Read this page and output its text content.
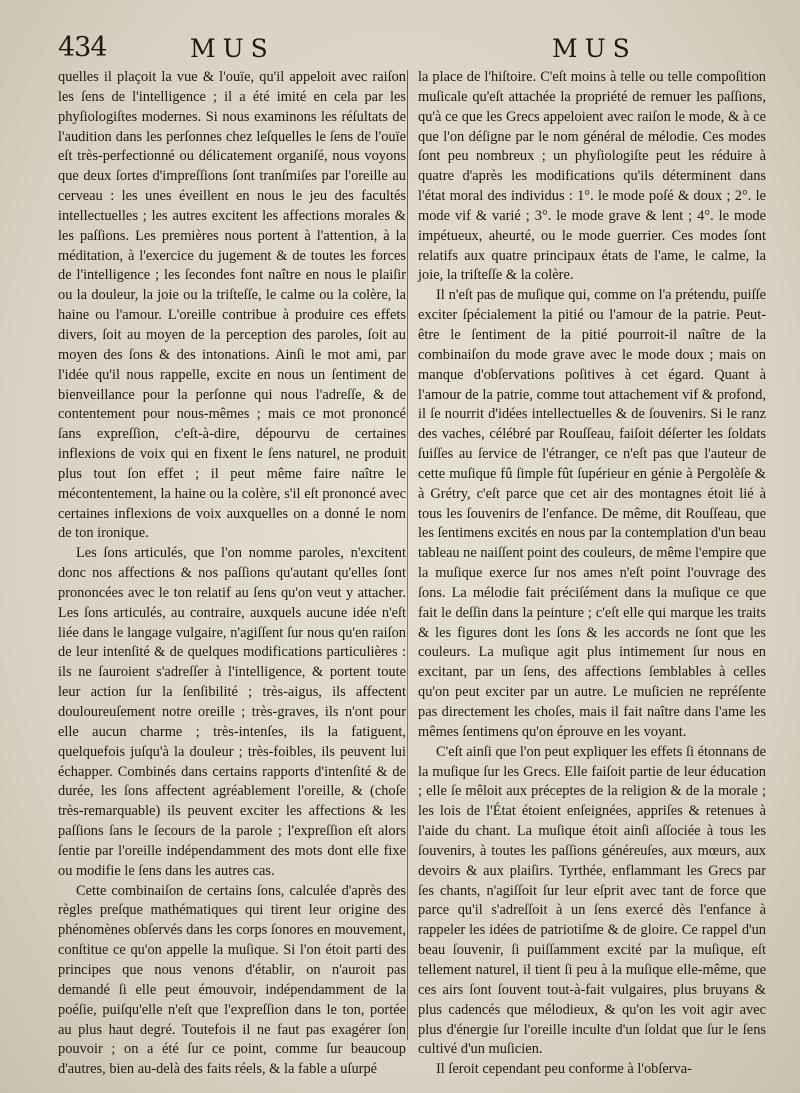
434	MUS	MUS

quelles il plaçoit la vue & l'ouïe, qu'il appeloit avec raiſon les ſens de l'intelligence ; il a été imité en cela par les phyſiologiſtes modernes. Si nous examinons les réſultats de l'audition dans les perſonnes chez leſquelles le ſens de l'ouïe eſt très-perfectionné ou délicatement organiſé, nous voyons que deux ſortes d'impreſſions ſont tranſmiſes par l'oreille au cerveau : les unes éveillent en nous le jeu des facultés intellectuelles ; les autres excitent les affections morales & les paſſions. Les premières nous portent à l'attention, à la méditation, à l'exercice du jugement & de toutes les forces de l'intelligence ; les ſecondes font naître en nous le plaiſir ou la douleur, la joie ou la triſteſſe, le calme ou la colère, la haine ou l'amour. L'oreille contribue à produire ces effets divers, ſoit au moyen de la perception des paroles, ſoit au moyen des ſons & des intonations. Ainſi le mot ami, par l'idée qu'il nous rappelle, excite en nous un ſentiment de bienveillance pour la perſonne qui nous l'adreſſe, & de contentement pour nous-mêmes ; mais ce mot prononcé ſans expreſſion, c'eſt-à-dire, dépourvu de certaines inflexions de voix qui en fixent le ſens naturel, ne produit plus tout ſon effet ; il peut même faire naître le mécontentement, la haine ou la colère, s'il eſt prononcé avec certaines inflexions de voix auxquelles on a donné le nom de ton ironique.

Les ſons articulés, que l'on nomme paroles, n'excitent donc nos affections & nos paſſions qu'autant qu'elles ſont prononcées avec le ton relatif au ſens qu'on veut y attacher. Les ſons articulés, au contraire, auxquels aucune idée n'eſt liée dans le langage vulgaire, n'agiſſent ſur nous qu'en raiſon de leur intenſité & de quelques modifications particulières : ils ne ſauroient s'adreſſer à l'intelligence, & portent toute leur action ſur la ſenſibilité ; très-aigus, ils affectent douloureuſement notre oreille ; très-graves, ils n'ont pour elle aucun charme ; très-intenſes, ils la fatiguent, quelquefois juſqu'à la douleur ; très-foibles, ils peuvent lui échapper. Combinés dans certains rapports d'intenſité & de durée, les ſons affectent agréablement l'oreille, & (choſe très-remarquable) ils peuvent exciter les affections & les paſſions ſans le ſecours de la parole ; l'expreſſion eſt alors ſentie par l'oreille indépendamment des mots dont elle fixe ou modifie le ſens dans les autres cas.

Cette combinaiſon de certains ſons, calculée d'après des règles preſque mathématiques qui tirent leur origine des phénomènes obſervés dans les corps ſonores en mouvement, conſtitue ce qu'on appelle la muſique. Si l'on étoit parti des principes que nous venons d'établir, on n'auroit pas demandé ſi elle peut émouvoir, indépendamment de la poéſie, puiſqu'elle n'eſt que l'expreſſion dans le ton, portée au plus haut degré. Toutefois il ne faut pas exagérer ſon pouvoir ; on a été ſur ce point, comme ſur beaucoup d'autres, bien au-delà des faits réels, & la fable a uſurpé

la place de l'hiſtoire. C'eſt moins à telle ou telle compoſition muſicale qu'eſt attachée la propriété de remuer les paſſions, qu'à ce que les Grecs appeloient avec raiſon le mode, & à ce que l'on déſigne par le nom général de mélodie. Ces modes ſont peu nombreux ; un phyſiologiſte peut les réduire à quatre d'après les modifications qu'ils déterminent dans l'état moral des individus : 1°. le mode poſé & doux ; 2°. le mode vif & varié ; 3°. le mode grave & lent ; 4°. le mode impétueux, aheurté, ou le mode guerrier. Ces modes ſont relatifs aux quatre principaux états de l'ame, le calme, la joie, la triſteſſe & la colère.

Il n'eſt pas de muſique qui, comme on l'a prétendu, puiſſe exciter ſpécialement la pitié ou l'amour de la patrie. Peut-être le ſentiment de la pitié pourroit-il naître de la combinaiſon du mode grave avec le mode doux ; mais on manque d'obſervations poſitives à cet égard. Quant à l'amour de la patrie, comme tout attachement vif & profond, il ſe nourrit d'idées intellectuelles & de ſouvenirs. Si le ranz des vaches, célébré par Rouſſeau, faiſoit déſerter les ſoldats ſuiſſes au ſervice de l'étranger, ce n'eſt pas que l'auteur de cette muſique fû ſimple fût ſupérieur en génie à Pergolèſe & à Grétry, c'eſt parce que cet air des montagnes étoit lié à tous les ſouvenirs de l'enfance. De même, dit Rouſſeau, que les ſentimens excités en nous par la contemplation d'un beau tableau ne naiſſent point des couleurs, de même l'empire que la muſique exerce ſur nos ames n'eſt point l'ouvrage des ſons. La mélodie fait préciſément dans la muſique ce que fait le deſſin dans la peinture ; c'eſt elle qui marque les traits & les figures dont les ſons & les accords ne ſont que les couleurs. La muſique agit plus intimement ſur nous en excitant, par un ſens, des affections ſemblables à celles qu'on peut exciter par un autre. Le muſicien ne repréſente pas directement les choſes, mais il fait naître dans l'ame les mêmes ſentimens qu'on éprouve en les voyant.

C'eſt ainſi que l'on peut expliquer les effets ſi étonnans de la muſique ſur les Grecs. Elle faiſoit partie de leur éducation ; elle ſe mêloit aux préceptes de la religion & de la morale ; les lois de l'État étoient enſeignées, appriſes & retenues à l'aide du chant. La muſique étoit ainſi aſſociée à tous les ſouvenirs, à toutes les paſſions généreuſes, aux mœurs, aux devoirs & aux plaiſirs. Tyrthée, enflammant les Grecs par ſes chants, n'agiſſoit ſur leur eſprit avec tant de force que parce qu'il s'adreſſoit à un ſens exercé dès l'enfance à rappeler les idées de patriotiſme & de gloire. Ce rappel d'un beau ſouvenir, ſi puiſſamment excité par la muſique, eſt tellement naturel, il tient ſi peu à la muſique elle-même, que ces airs ſont ſouvent tout-à-fait vulgaires, plus bruyans & plus cadencés que mélodieux, & qu'on les voit agir avec plus d'énergie ſur l'oreille inculte d'un ſoldat que ſur le ſens cultivé d'un muſicien.

Il ſeroit cependant peu conforme à l'obſerva-
